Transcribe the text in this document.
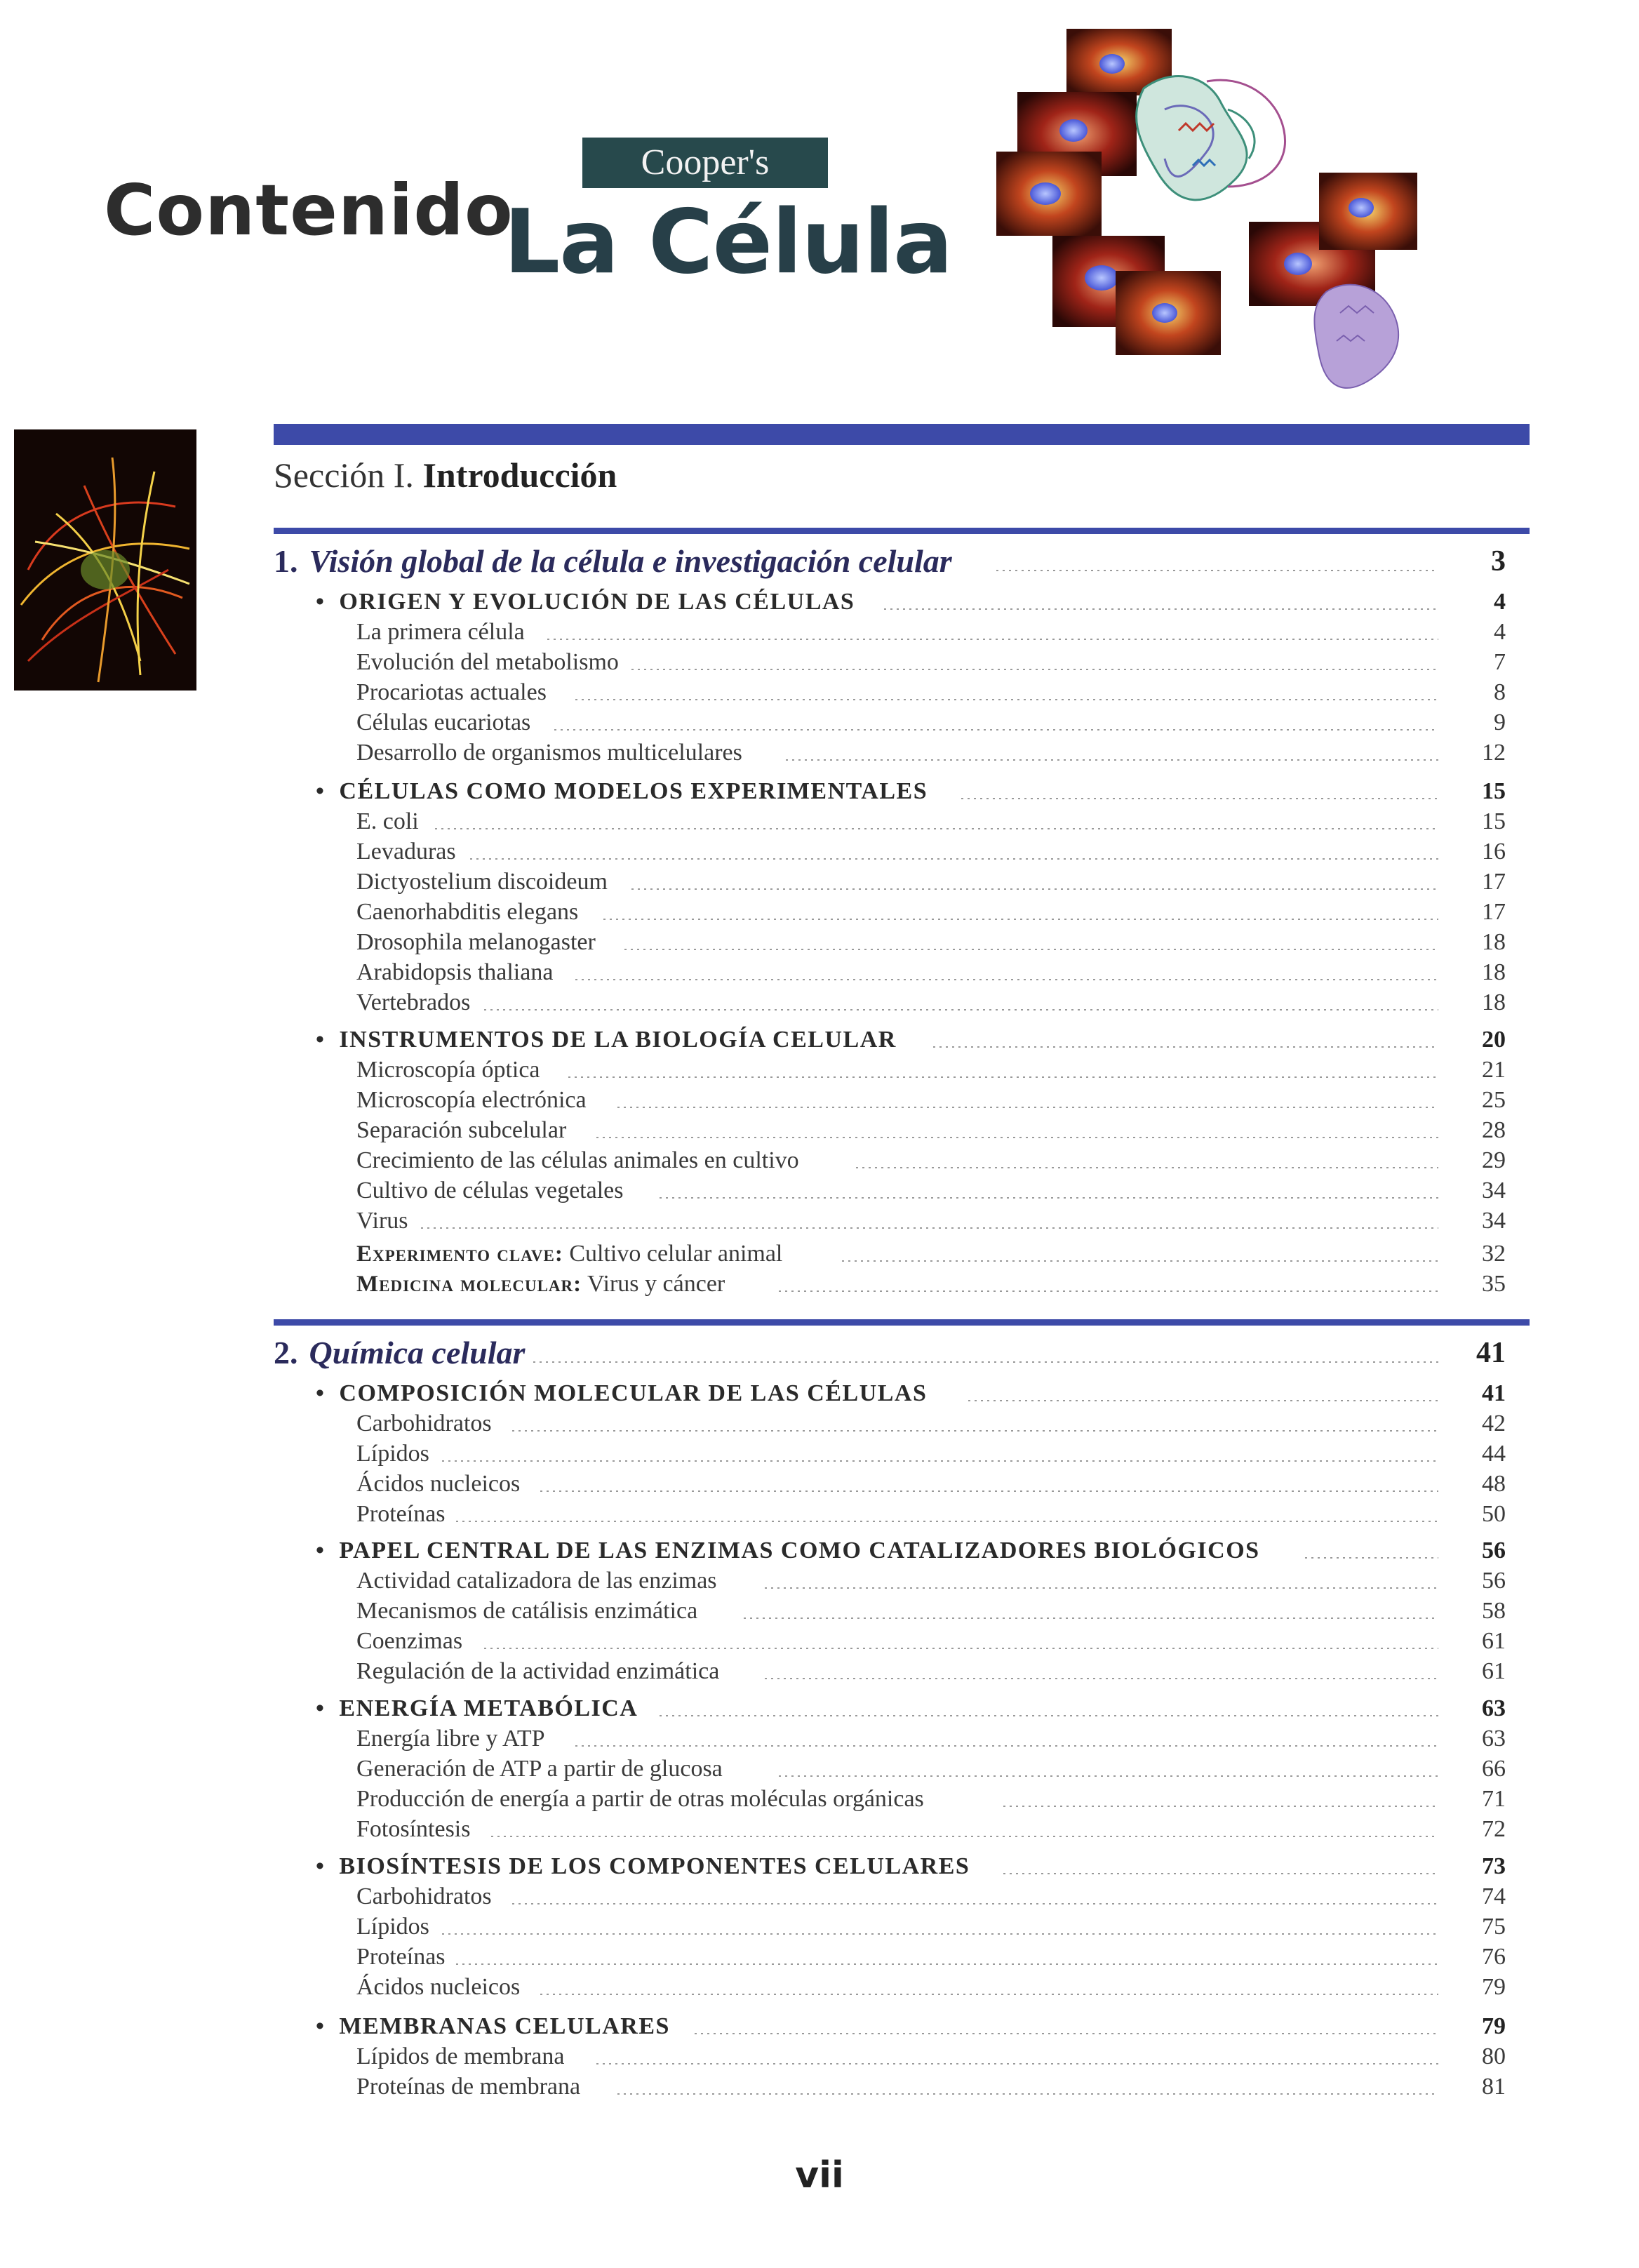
Contenido
Cooper's
La Célula
Sección I. Introducción
1. Visión global de la célula e investigación celular	3
• ORIGEN Y EVOLUCIÓN DE LAS CÉLULAS	4
La primera célula	4
Evolución del metabolismo	7
Procariotas actuales	8
Células eucariotas	9
Desarrollo de organismos multicelulares	12
• CÉLULAS COMO MODELOS EXPERIMENTALES	15
E. coli	15
Levaduras	16
Dictyostelium discoideum	17
Caenorhabditis elegans	17
Drosophila melanogaster	18
Arabidopsis thaliana	18
Vertebrados	18
• INSTRUMENTOS DE LA BIOLOGÍA CELULAR	20
Microscopía óptica	21
Microscopía electrónica	25
Separación subcelular	28
Crecimiento de las células animales en cultivo	29
Cultivo de células vegetales	34
Virus	34
Experimento clave: Cultivo celular animal	32
Medicina molecular: Virus y cáncer	35
2. Química celular	41
• COMPOSICIÓN MOLECULAR DE LAS CÉLULAS	41
Carbohidratos	42
Lípidos	44
Ácidos nucleicos	48
Proteínas	50
• PAPEL CENTRAL DE LAS ENZIMAS COMO CATALIZADORES BIOLÓGICOS	56
Actividad catalizadora de las enzimas	56
Mecanismos de catálisis enzimática	58
Coenzimas	61
Regulación de la actividad enzimática	61
• ENERGÍA METABÓLICA	63
Energía libre y ATP	63
Generación de ATP a partir de glucosa	66
Producción de energía a partir de otras moléculas orgánicas	71
Fotosíntesis	72
• BIOSÍNTESIS DE LOS COMPONENTES CELULARES	73
Carbohidratos	74
Lípidos	75
Proteínas	76
Ácidos nucleicos	79
• MEMBRANAS CELULARES	79
Lípidos de membrana	80
Proteínas de membrana	81
vii
